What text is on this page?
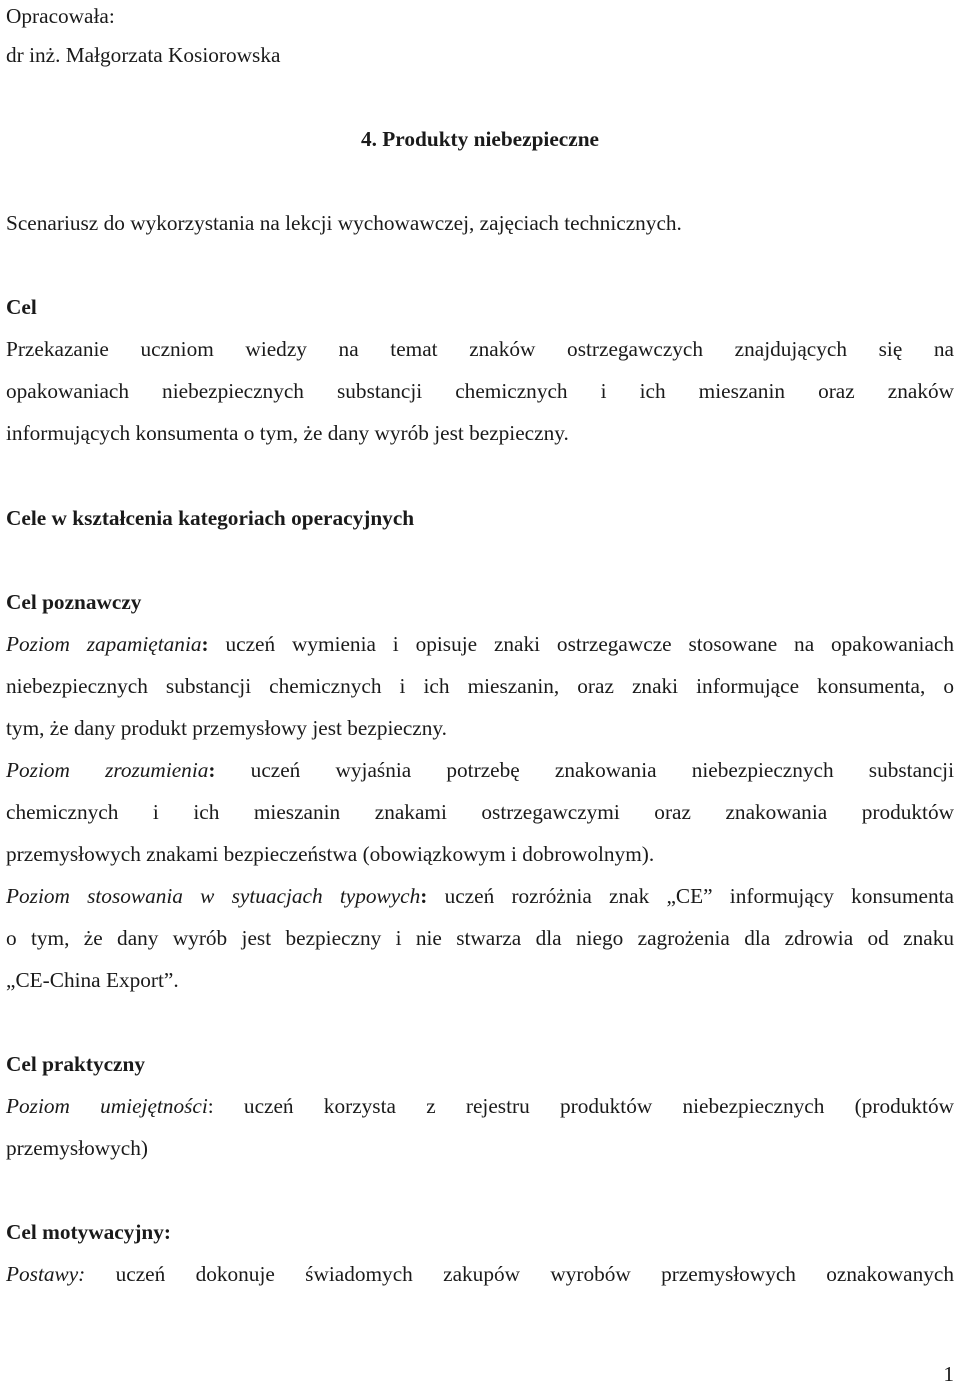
Opracowała:
dr inż. Małgorzata Kosiorowska
4. Produkty niebezpieczne
Scenariusz do wykorzystania na lekcji wychowawczej, zajęciach technicznych.
Cel
Przekazanie uczniom wiedzy na temat znaków ostrzegawczych znajdujących się na
opakowaniach niebezpiecznych substancji chemicznych i ich mieszanin oraz znaków
informujących konsumenta o tym, że dany wyrób jest bezpieczny.
Cele w kształcenia kategoriach operacyjnych
Cel poznawczy
Poziom zapamiętania: uczeń wymienia i opisuje znaki ostrzegawcze stosowane na opakowaniach
niebezpiecznych substancji chemicznych i ich mieszanin, oraz znaki informujące konsumenta, o
tym, że dany produkt przemysłowy jest bezpieczny.
Poziom zrozumienia: uczeń wyjaśnia potrzebę znakowania niebezpiecznych substancji
chemicznych i ich mieszanin znakami ostrzegawczymi oraz znakowania produktów
przemysłowych znakami bezpieczeństwa (obowiązkowym i dobrowolnym).
Poziom stosowania w sytuacjach typowych: uczeń rozróżnia znak „CE” informujący konsumenta
o tym, że dany wyrób jest bezpieczny i nie stwarza dla niego zagrożenia dla zdrowia od znaku
„CE-China Export”.
Cel praktyczny
Poziom umiejętności: uczeń korzysta z rejestru produktów niebezpiecznych (produktów
przemysłowych)
Cel motywacyjny:
Postawy: uczeń dokonuje świadomych zakupów wyrobów przemysłowych oznakowanych
1
